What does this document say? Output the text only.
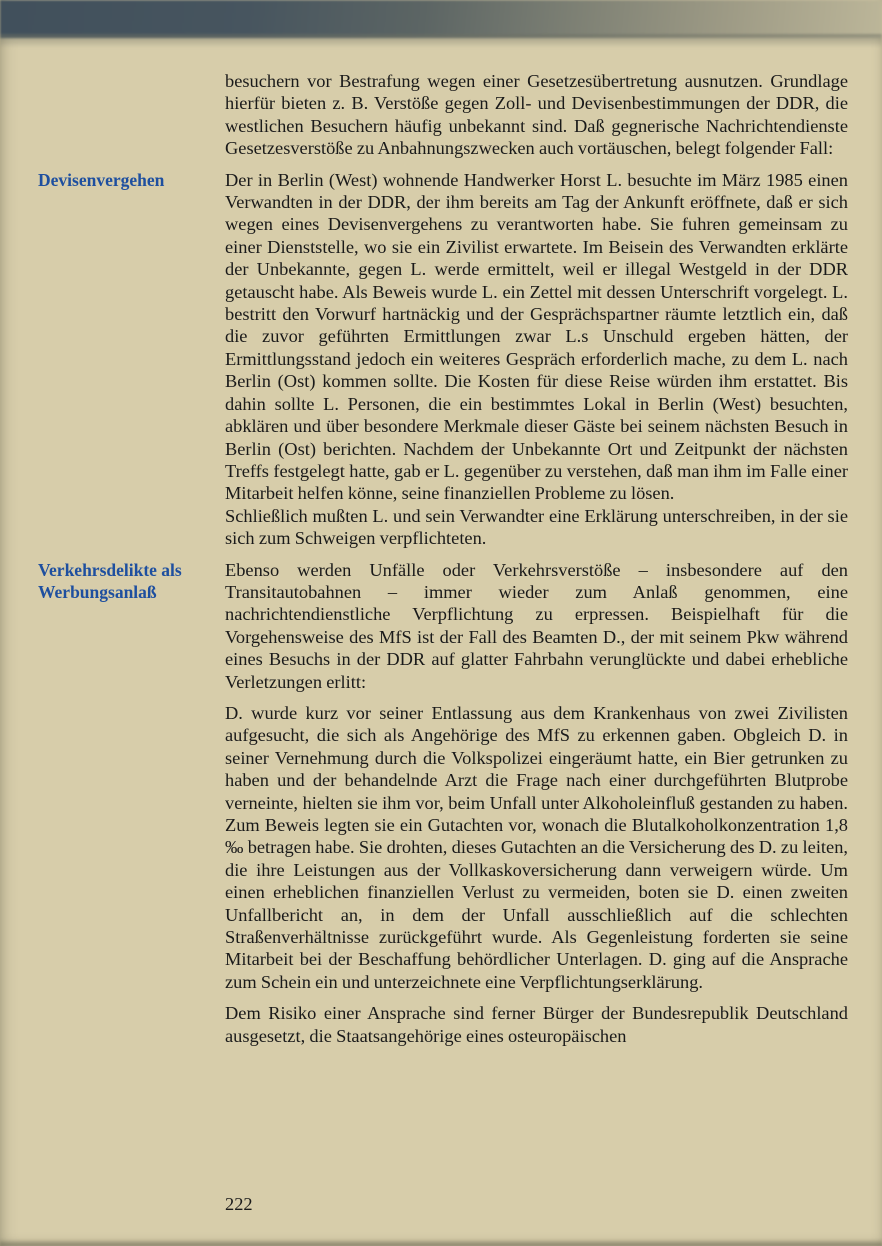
besuchern vor Bestrafung wegen einer Gesetzesübertretung ausnutzen. Grundlage hierfür bieten z. B. Verstöße gegen Zoll- und Devisenbestimmungen der DDR, die westlichen Besuchern häufig unbekannt sind. Daß gegnerische Nachrichtendienste Gesetzesverstöße zu Anbahnungszwecken auch vortäuschen, belegt folgender Fall:

Devisenvergehen	Der in Berlin (West) wohnende Handwerker Horst L. besuchte im März 1985 einen Verwandten in der DDR, der ihm bereits am Tag der Ankunft eröffnete, daß er sich wegen eines Devisenvergehens zu verantworten habe. Sie fuhren gemeinsam zu einer Dienststelle, wo sie ein Zivilist erwartete. Im Beisein des Verwandten erklärte der Unbekannte, gegen L. werde ermittelt, weil er illegal Westgeld in der DDR getauscht habe. Als Beweis wurde L. ein Zettel mit dessen Unterschrift vorgelegt. L. bestritt den Vorwurf hartnäckig und der Gesprächspartner räumte letztlich ein, daß die zuvor geführten Ermittlungen zwar L.s Unschuld ergeben hätten, der Ermittlungsstand jedoch ein weiteres Gespräch erforderlich mache, zu dem L. nach Berlin (Ost) kommen sollte. Die Kosten für diese Reise würden ihm erstattet. Bis dahin sollte L. Personen, die ein bestimmtes Lokal in Berlin (West) besuchten, abklären und über besondere Merkmale dieser Gäste bei seinem nächsten Besuch in Berlin (Ost) berichten. Nachdem der Unbekannte Ort und Zeitpunkt der nächsten Treffs festgelegt hatte, gab er L. gegenüber zu verstehen, daß man ihm im Falle einer Mitarbeit helfen könne, seine finanziellen Probleme zu lösen.

Schließlich mußten L. und sein Verwandter eine Erklärung unterschreiben, in der sie sich zum Schweigen verpflichteten.

Verkehrsdelikte als Werbungsanlaß

Ebenso werden Unfälle oder Verkehrsverstöße – insbesondere auf den Transitautobahnen – immer wieder zum Anlaß genommen, eine nachrichtendienstliche Verpflichtung zu erpressen. Beispielhaft für die Vorgehensweise des MfS ist der Fall des Beamten D., der mit seinem Pkw während eines Besuchs in der DDR auf glatter Fahrbahn verunglückte und dabei erhebliche Verletzungen erlitt:

D. wurde kurz vor seiner Entlassung aus dem Krankenhaus von zwei Zivilisten aufgesucht, die sich als Angehörige des MfS zu erkennen gaben. Obgleich D. in seiner Vernehmung durch die Volkspolizei eingeräumt hatte, ein Bier getrunken zu haben und der behandelnde Arzt die Frage nach einer durchgeführten Blutprobe verneinte, hielten sie ihm vor, beim Unfall unter Alkoholeinfluß gestanden zu haben. Zum Beweis legten sie ein Gutachten vor, wonach die Blutalkoholkonzentration 1,8 ‰ betragen habe. Sie drohten, dieses Gutachten an die Versicherung des D. zu leiten, die ihre Leistungen aus der Vollkaskoversicherung dann verweigern würde. Um einen erheblichen finanziellen Verlust zu vermeiden, boten sie D. einen zweiten Unfallbericht an, in dem der Unfall ausschließlich auf die schlechten Straßenverhältnisse zurückgeführt wurde. Als Gegenleistung forderten sie seine Mitarbeit bei der Beschaffung behördlicher Unterlagen. D. ging auf die Ansprache zum Schein ein und unterzeichnete eine Verpflichtungserklärung.

Dem Risiko einer Ansprache sind ferner Bürger der Bundesrepublik Deutschland ausgesetzt, die Staatsangehörige eines osteuropäischen

222
